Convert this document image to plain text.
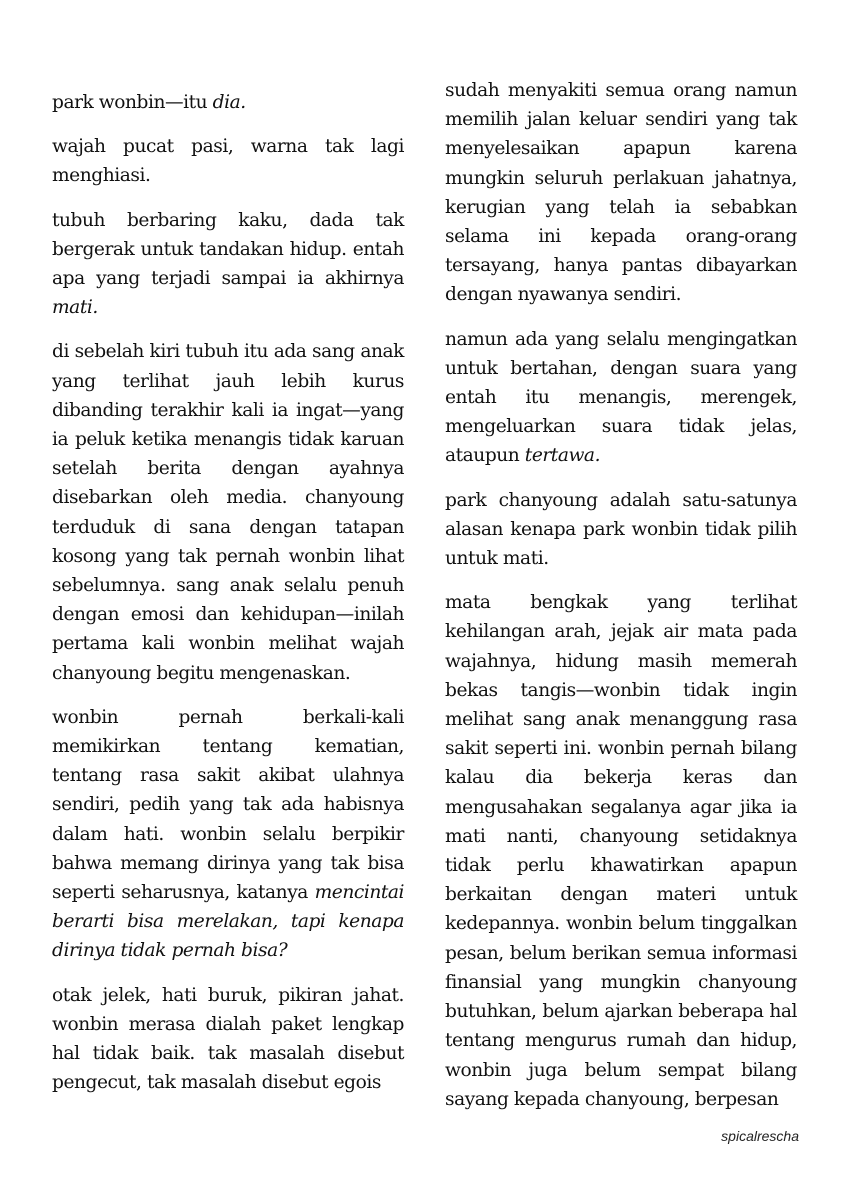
park wonbin—itu dia.

wajah pucat pasi, warna tak lagi menghiasi.

tubuh berbaring kaku, dada tak bergerak untuk tandakan hidup. entah apa yang terjadi sampai ia akhirnya mati.

di sebelah kiri tubuh itu ada sang anak yang terlihat jauh lebih kurus dibanding terakhir kali ia ingat—yang ia peluk ketika menangis tidak karuan setelah berita dengan ayahnya disebarkan oleh media. chanyoung terduduk di sana dengan tatapan kosong yang tak pernah wonbin lihat sebelumnya. sang anak selalu penuh dengan emosi dan kehidupan—inilah pertama kali wonbin melihat wajah chanyoung begitu mengenaskan.

wonbin pernah berkali-kali memikirkan tentang kematian, tentang rasa sakit akibat ulahnya sendiri, pedih yang tak ada habisnya dalam hati. wonbin selalu berpikir bahwa memang dirinya yang tak bisa seperti seharusnya, katanya mencintai berarti bisa merelakan, tapi kenapa dirinya tidak pernah bisa?

otak jelek, hati buruk, pikiran jahat. wonbin merasa dialah paket lengkap hal tidak baik. tak masalah disebut pengecut, tak masalah disebut egois

sudah menyakiti semua orang namun memilih jalan keluar sendiri yang tak menyelesaikan apapun karena mungkin seluruh perlakuan jahatnya, kerugian yang telah ia sebabkan selama ini kepada orang-orang tersayang, hanya pantas dibayarkan dengan nyawanya sendiri.

namun ada yang selalu mengingatkan untuk bertahan, dengan suara yang entah itu menangis, merengek, mengeluarkan suara tidak jelas, ataupun tertawa.

park chanyoung adalah satu-satunya alasan kenapa park wonbin tidak pilih untuk mati.

mata bengkak yang terlihat kehilangan arah, jejak air mata pada wajahnya, hidung masih memerah bekas tangis—wonbin tidak ingin melihat sang anak menanggung rasa sakit seperti ini. wonbin pernah bilang kalau dia bekerja keras dan mengusahakan segalanya agar jika ia mati nanti, chanyoung setidaknya tidak perlu khawatirkan apapun berkaitan dengan materi untuk kedepannya. wonbin belum tinggalkan pesan, belum berikan semua informasi finansial yang mungkin chanyoung butuhkan, belum ajarkan beberapa hal tentang mengurus rumah dan hidup, wonbin juga belum sempat bilang sayang kepada chanyoung, berpesan

spicalrescha
